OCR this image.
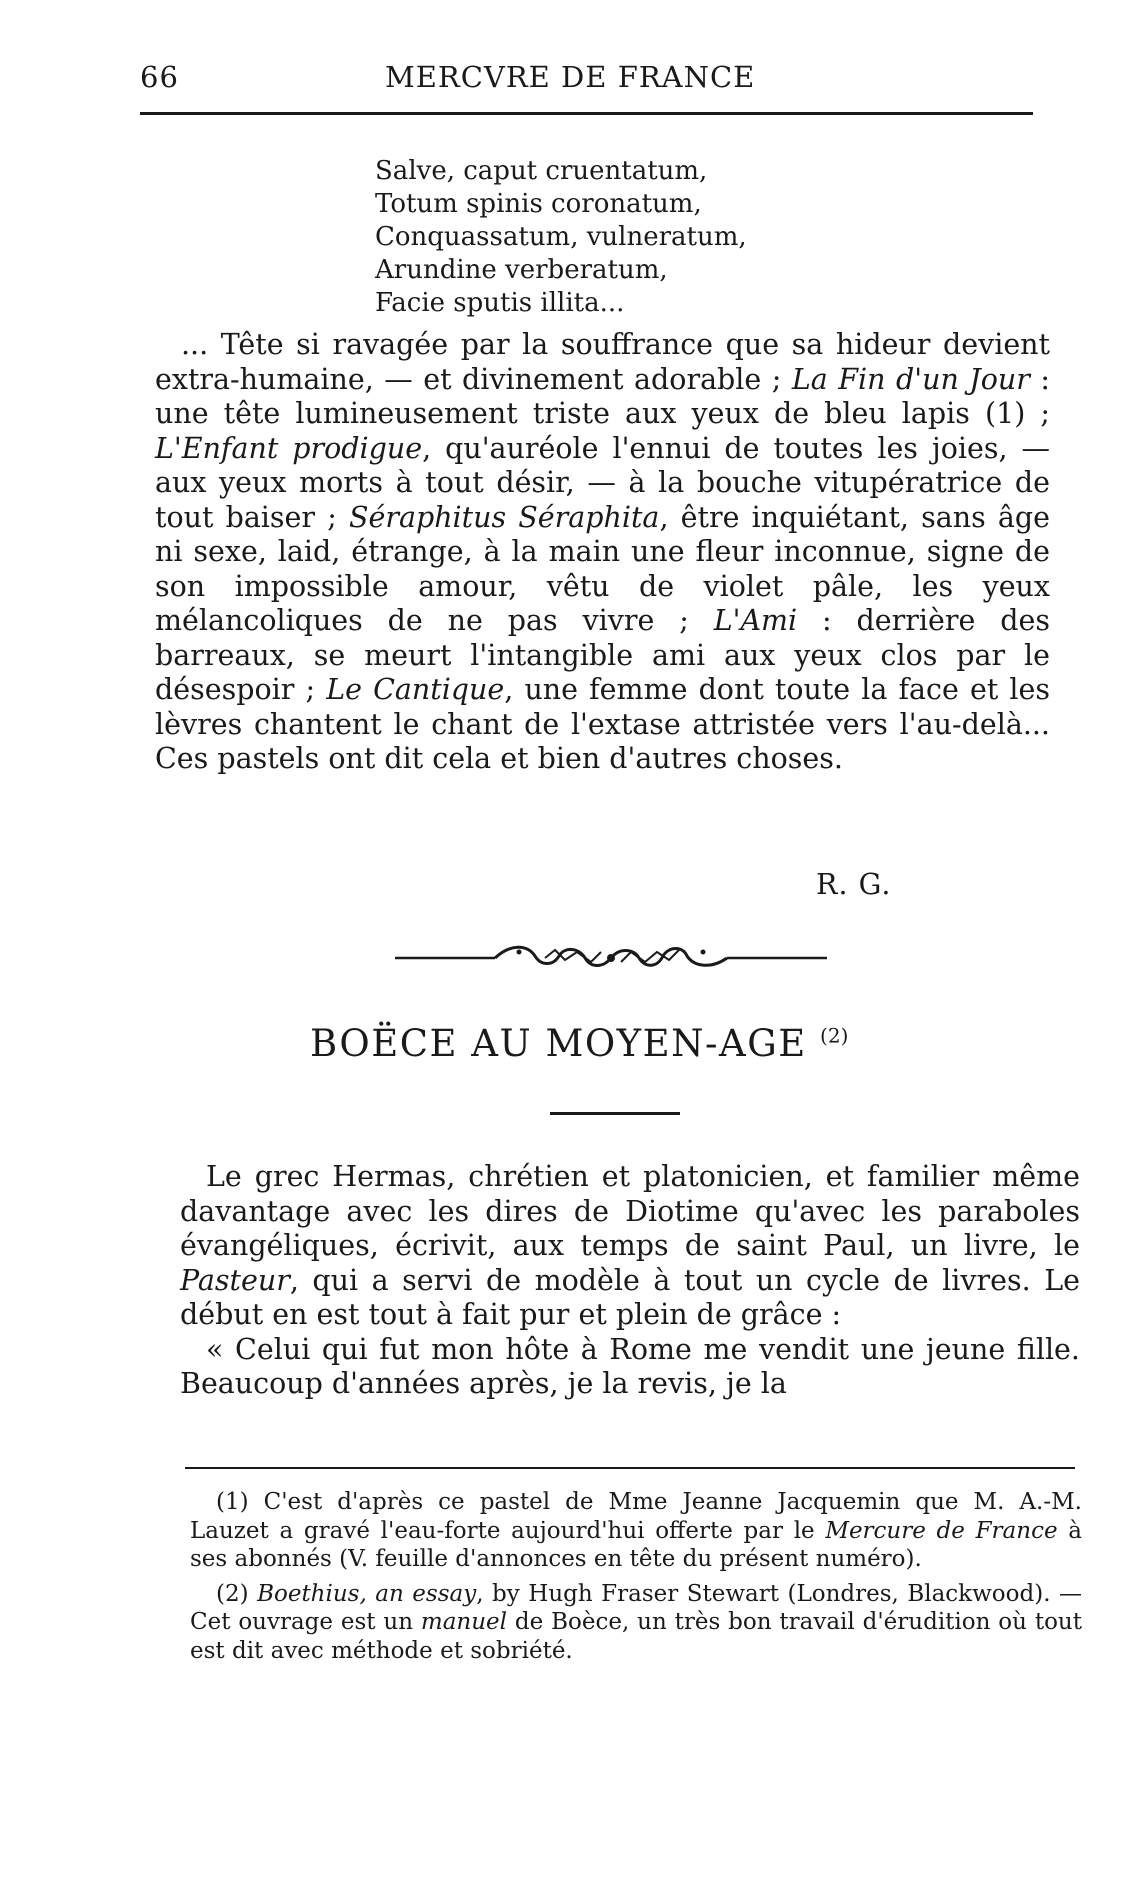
66	MERCVRE DE FRANCE
Salve, caput cruentatum,
Totum spinis coronatum,
Conquassatum, vulneratum,
Arundine verberatum,
Facie sputis illita...

... Tête si ravagée par la souffrance que sa hideur devient extra-humaine, — et divinement adorable ; La Fin d'un Jour : une tête lumineusement triste aux yeux de bleu lapis (1) ; L'Enfant prodigue, qu'auréole l'ennui de toutes les joies, — aux yeux morts à tout désir, — à la bouche vitupératrice de tout baiser ; Séraphitus Séraphita, être inquiétant, sans âge ni sexe, laid, étrange, à la main une fleur inconnue, signe de son impossible amour, vêtu de violet pâle, les yeux mélancoliques de ne pas vivre ; L'Ami : derrière des barreaux, se meurt l'intangible ami aux yeux clos par le désespoir ; Le Cantique, une femme dont toute la face et les lèvres chantent le chant de l'extase attristée vers l'au-delà... Ces pastels ont dit cela et bien d'autres choses.

R. G.
BOËCE AU MOYEN-AGE $^{(2)}$

Le grec Hermas, chrétien et platonicien, et familier même davantage avec les dires de Diotime qu'avec les paraboles évangéliques, écrivit, aux temps de saint Paul, un livre, le Pasteur, qui a servi de modèle à tout un cycle de livres. Le début en est tout à fait pur et plein de grâce :

« Celui qui fut mon hôte à Rome me vendit une jeune fille. Beaucoup d'années après, je la revis, je la

(1) C'est d'après ce pastel de Mme Jeanne Jacquemin que M. A.-M. Lauzet a gravé l'eau-forte aujourd'hui offerte par le Mercure de France à ses abonnés (V. feuille d'annonces en tête du présent numéro).

(2) Boethius, an essay, by Hugh Fraser Stewart (Londres, Blackwood). — Cet ouvrage est un manuel de Boèce, un très bon travail d'érudition où tout est dit avec méthode et sobriété.
